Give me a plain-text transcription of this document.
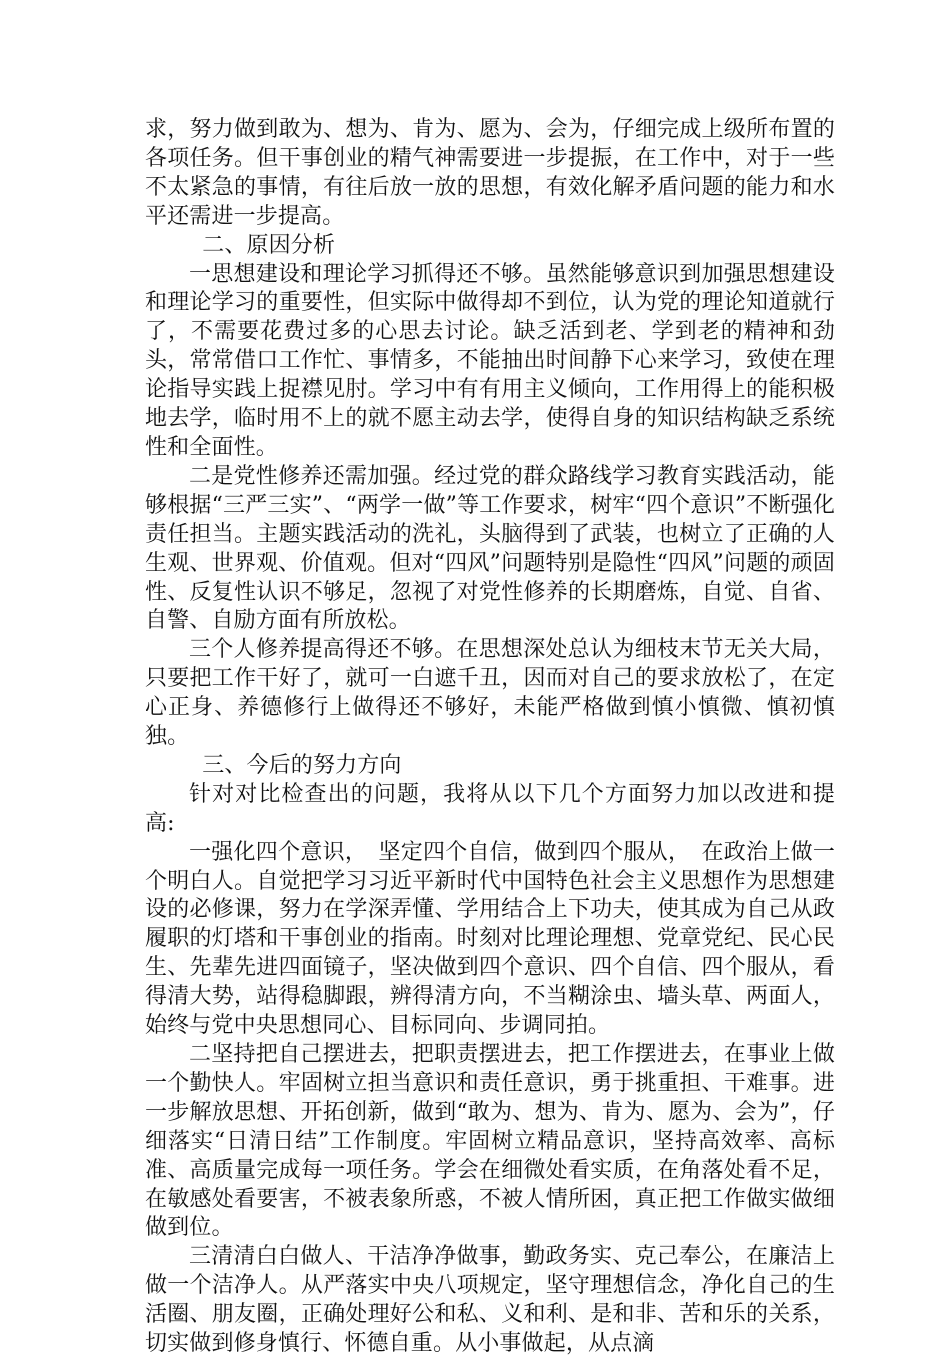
求，努力做到敢为、想为、肯为、愿为、会为，仔细完成上级所布置的各项任务。但干事创业的精气神需要进一步提振，在工作中，对于一些不太紧急的事情，有往后放一放的思想，有效化解矛盾问题的能力和水平还需进一步提高。

二、原因分析

一思想建设和理论学习抓得还不够。虽然能够意识到加强思想建设和理论学习的重要性，但实际中做得却不到位，认为党的理论知道就行了，不需要花费过多的心思去讨论。缺乏活到老、学到老的精神和劲头，常常借口工作忙、事情多，不能抽出时间静下心来学习，致使在理论指导实践上捉襟见肘。学习中有有用主义倾向，工作用得上的能积极地去学，临时用不上的就不愿主动去学，使得自身的知识结构缺乏系统性和全面性。

二是党性修养还需加强。经过党的群众路线学习教育实践活动，能够根据“三严三实”、“两学一做”等工作要求，树牢“四个意识”不断强化责任担当。主题实践活动的洗礼，头脑得到了武装，也树立了正确的人生观、世界观、价值观。但对“四风”问题特别是隐性“四风”问题的顽固性、反复性认识不够足，忽视了对党性修养的长期磨炼，自觉、自省、自警、自励方面有所放松。

三个人修养提高得还不够。在思想深处总认为细枝末节无关大局，只要把工作干好了，就可一白遮千丑，因而对自己的要求放松了，在定心正身、养德修行上做得还不够好，未能严格做到慎小慎微、慎初慎独。

三、今后的努力方向

针对对比检查出的问题，我将从以下几个方面努力加以改进和提高:

一强化四个意识，　坚定四个自信，做到四个服从，　在政治上做一个明白人。自觉把学习习近平新时代中国特色社会主义思想作为思想建设的必修课，努力在学深弄懂、学用结合上下功夫，使其成为自己从政履职的灯塔和干事创业的指南。时刻对比理论理想、党章党纪、民心民生、先辈先进四面镜子，坚决做到四个意识、四个自信、四个服从，看得清大势，站得稳脚跟，辨得清方向，不当糊涂虫、墙头草、两面人，始终与党中央思想同心、目标同向、步调同拍。

二坚持把自己摆进去，把职责摆进去，把工作摆进去，在事业上做一个勤快人。牢固树立担当意识和责任意识，勇于挑重担、干难事。进一步解放思想、开拓创新，做到“敢为、想为、肯为、愿为、会为”，仔细落实“日清日结”工作制度。牢固树立精品意识，坚持高效率、高标准、高质量完成每一项任务。学会在细微处看实质，在角落处看不足，在敏感处看要害，不被表象所惑，不被人情所困，真正把工作做实做细做到位。

三清清白白做人、干洁净净做事，勤政务实、克己奉公，在廉洁上做一个洁净人。从严落实中央八项规定，坚守理想信念，净化自己的生活圈、朋友圈，正确处理好公和私、义和利、是和非、苦和乐的关系，切实做到修身慎行、怀德自重。从小事做起，从点滴
